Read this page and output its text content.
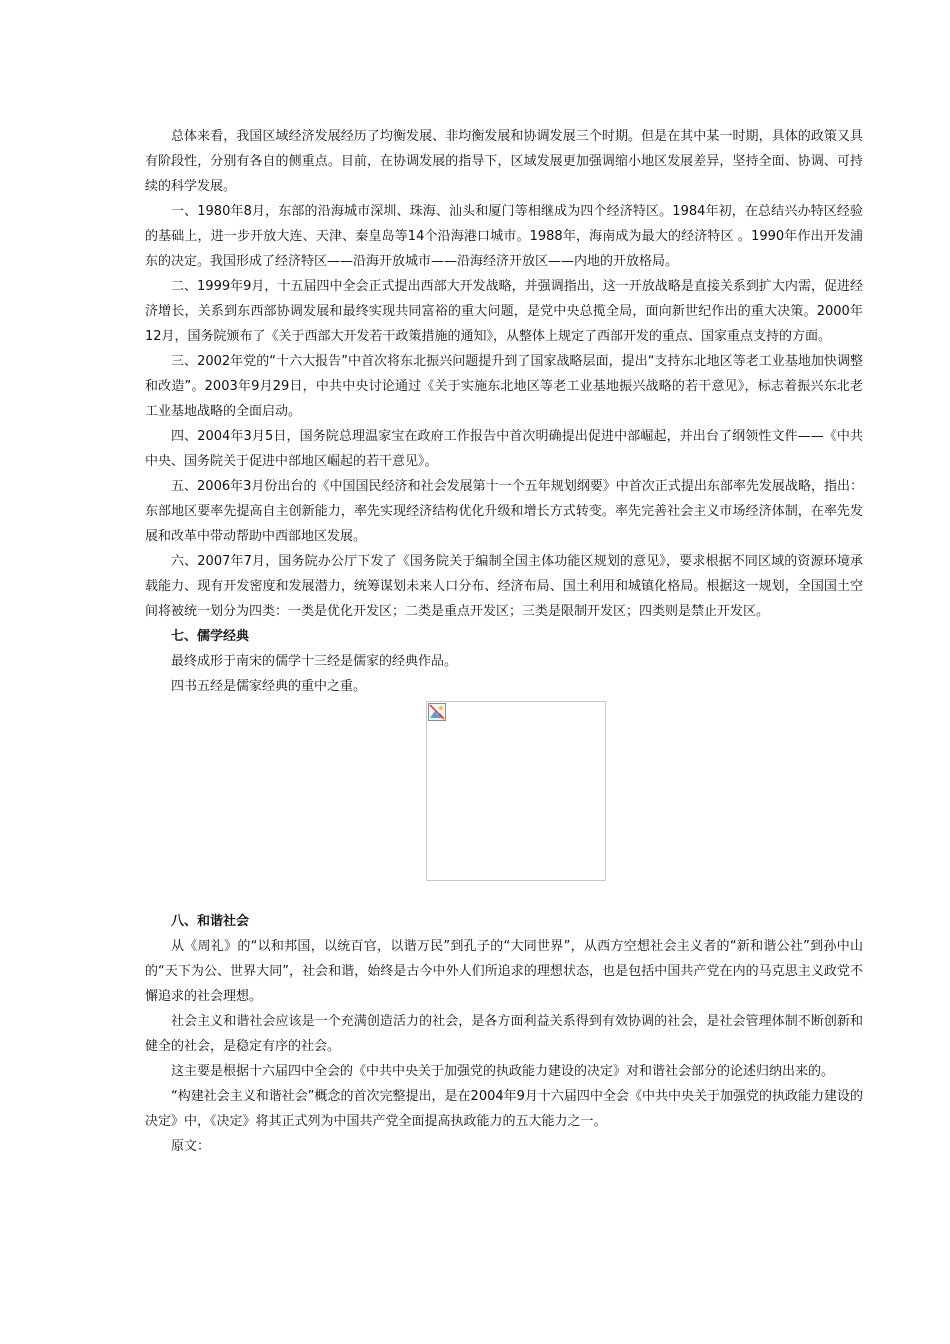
总体来看，我国区域经济发展经历了均衡发展、非均衡发展和协调发展三个时期。但是在其中某一时期，具体的政策又具有阶段性，分别有各自的侧重点。目前，在协调发展的指导下，区域发展更加强调缩小地区发展差异，坚持全面、协调、可持续的科学发展。

一、1980年8月，东部的沿海城市深圳、珠海、汕头和厦门等相继成为四个经济特区。1984年初，在总结兴办特区经验的基础上，进一步开放大连、天津、秦皇岛等14个沿海港口城市。1988年，海南成为最大的经济特区 。1990年作出开发浦东的决定。我国形成了经济特区——沿海开放城市——沿海经济开放区——内地的开放格局。

二、1999年9月，十五届四中全会正式提出西部大开发战略，并强调指出，这一开放战略是直接关系到扩大内需，促进经济增长，关系到东西部协调发展和最终实现共同富裕的重大问题，是党中央总揽全局，面向新世纪作出的重大决策。2000年12月，国务院颁布了《关于西部大开发若干政策措施的通知》，从整体上规定了西部开发的重点、国家重点支持的方面。

三、2002年党的“十六大报告”中首次将东北振兴问题提升到了国家战略层面，提出“支持东北地区等老工业基地加快调整和改造”。2003年9月29日，中共中央讨论通过《关于实施东北地区等老工业基地振兴战略的若干意见》，标志着振兴东北老工业基地战略的全面启动。

四、2004年3月5日，国务院总理温家宝在政府工作报告中首次明确提出促进中部崛起，并出台了纲领性文件——《中共中央、国务院关于促进中部地区崛起的若干意见》。

五、2006年3月份出台的《中国国民经济和社会发展第十一个五年规划纲要》中首次正式提出东部率先发展战略，指出：东部地区要率先提高自主创新能力，率先实现经济结构优化升级和增长方式转变。率先完善社会主义市场经济体制，在率先发展和改革中带动帮助中西部地区发展。

六、2007年7月，国务院办公厅下发了《国务院关于编制全国主体功能区规划的意见》，要求根据不同区域的资源环境承载能力、现有开发密度和发展潜力，统筹谋划未来人口分布、经济布局、国土利用和城镇化格局。根据这一规划，全国国土空间将被统一划分为四类：一类是优化开发区；二类是重点开发区；三类是限制开发区；四类则是禁止开发区。

七、儒学经典

最终成形于南宋的儒学十三经是儒家的经典作品。

四书五经是儒家经典的重中之重。

八、和谐社会

从《周礼》的“以和邦国，以统百官，以谐万民”到孔子的“大同世界”，从西方空想社会主义者的“新和谐公社”到孙中山的“天下为公、世界大同”，社会和谐，始终是古今中外人们所追求的理想状态，也是包括中国共产党在内的马克思主义政党不懈追求的社会理想。

社会主义和谐社会应该是一个充满创造活力的社会，是各方面利益关系得到有效协调的社会，是社会管理体制不断创新和健全的社会，是稳定有序的社会。

这主要是根据十六届四中全会的《中共中央关于加强党的执政能力建设的决定》对和谐社会部分的论述归纳出来的。

“构建社会主义和谐社会”概念的首次完整提出，是在2004年9月十六届四中全会《中共中央关于加强党的执政能力建设的决定》中，《决定》将其正式列为中国共产党全面提高执政能力的五大能力之一。

原文：
